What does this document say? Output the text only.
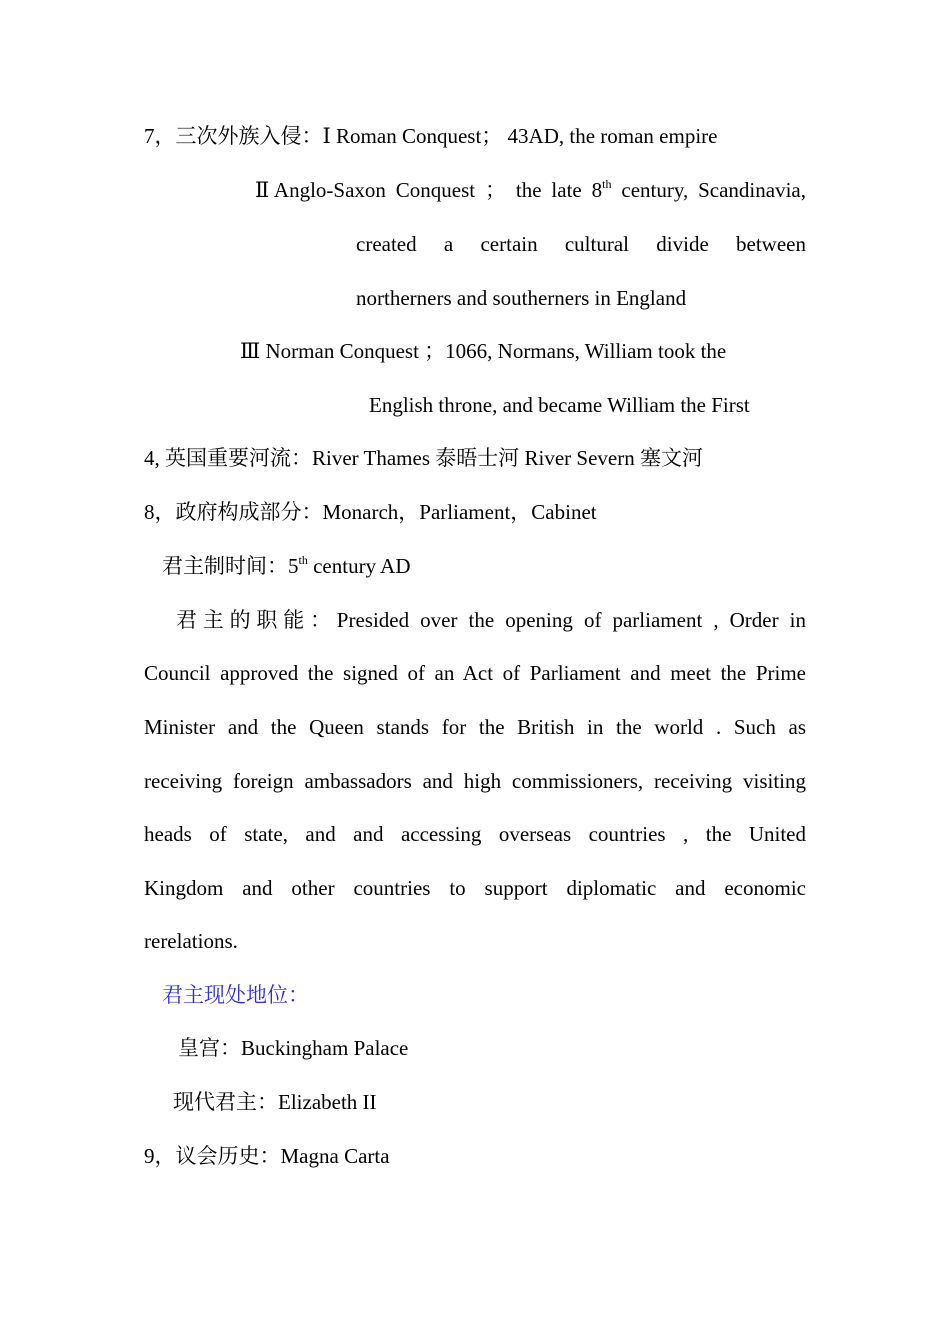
7，三次外族入侵：Ⅰ Roman Conquest； 43AD, the roman empire
ⅡAnglo-Saxon Conquest ； the late 8th century, Scandinavia,
created a certain cultural divide between
northerners and southerners in England
Ⅲ Norman Conquest ；1066, Normans, William took the
English throne, and became William the First
4, 英国重要河流：River Thames 泰晤士河 River Severn 塞文河
8，政府构成部分：Monarch，Parliament，Cabinet
君主制时间：5th century AD
君主的职能：Presided over the opening of parliament , Order in
Council approved the signed of an Act of Parliament and meet the Prime
Minister and the Queen stands for the British in the world . Such as
receiving foreign ambassadors and high commissioners, receiving visiting
heads of state, and and accessing overseas countries , the United
Kingdom and other countries to support diplomatic and economic
rerelations.
君主现处地位：
皇宫：Buckingham Palace
现代君主：Elizabeth II
9，议会历史：Magna Carta
